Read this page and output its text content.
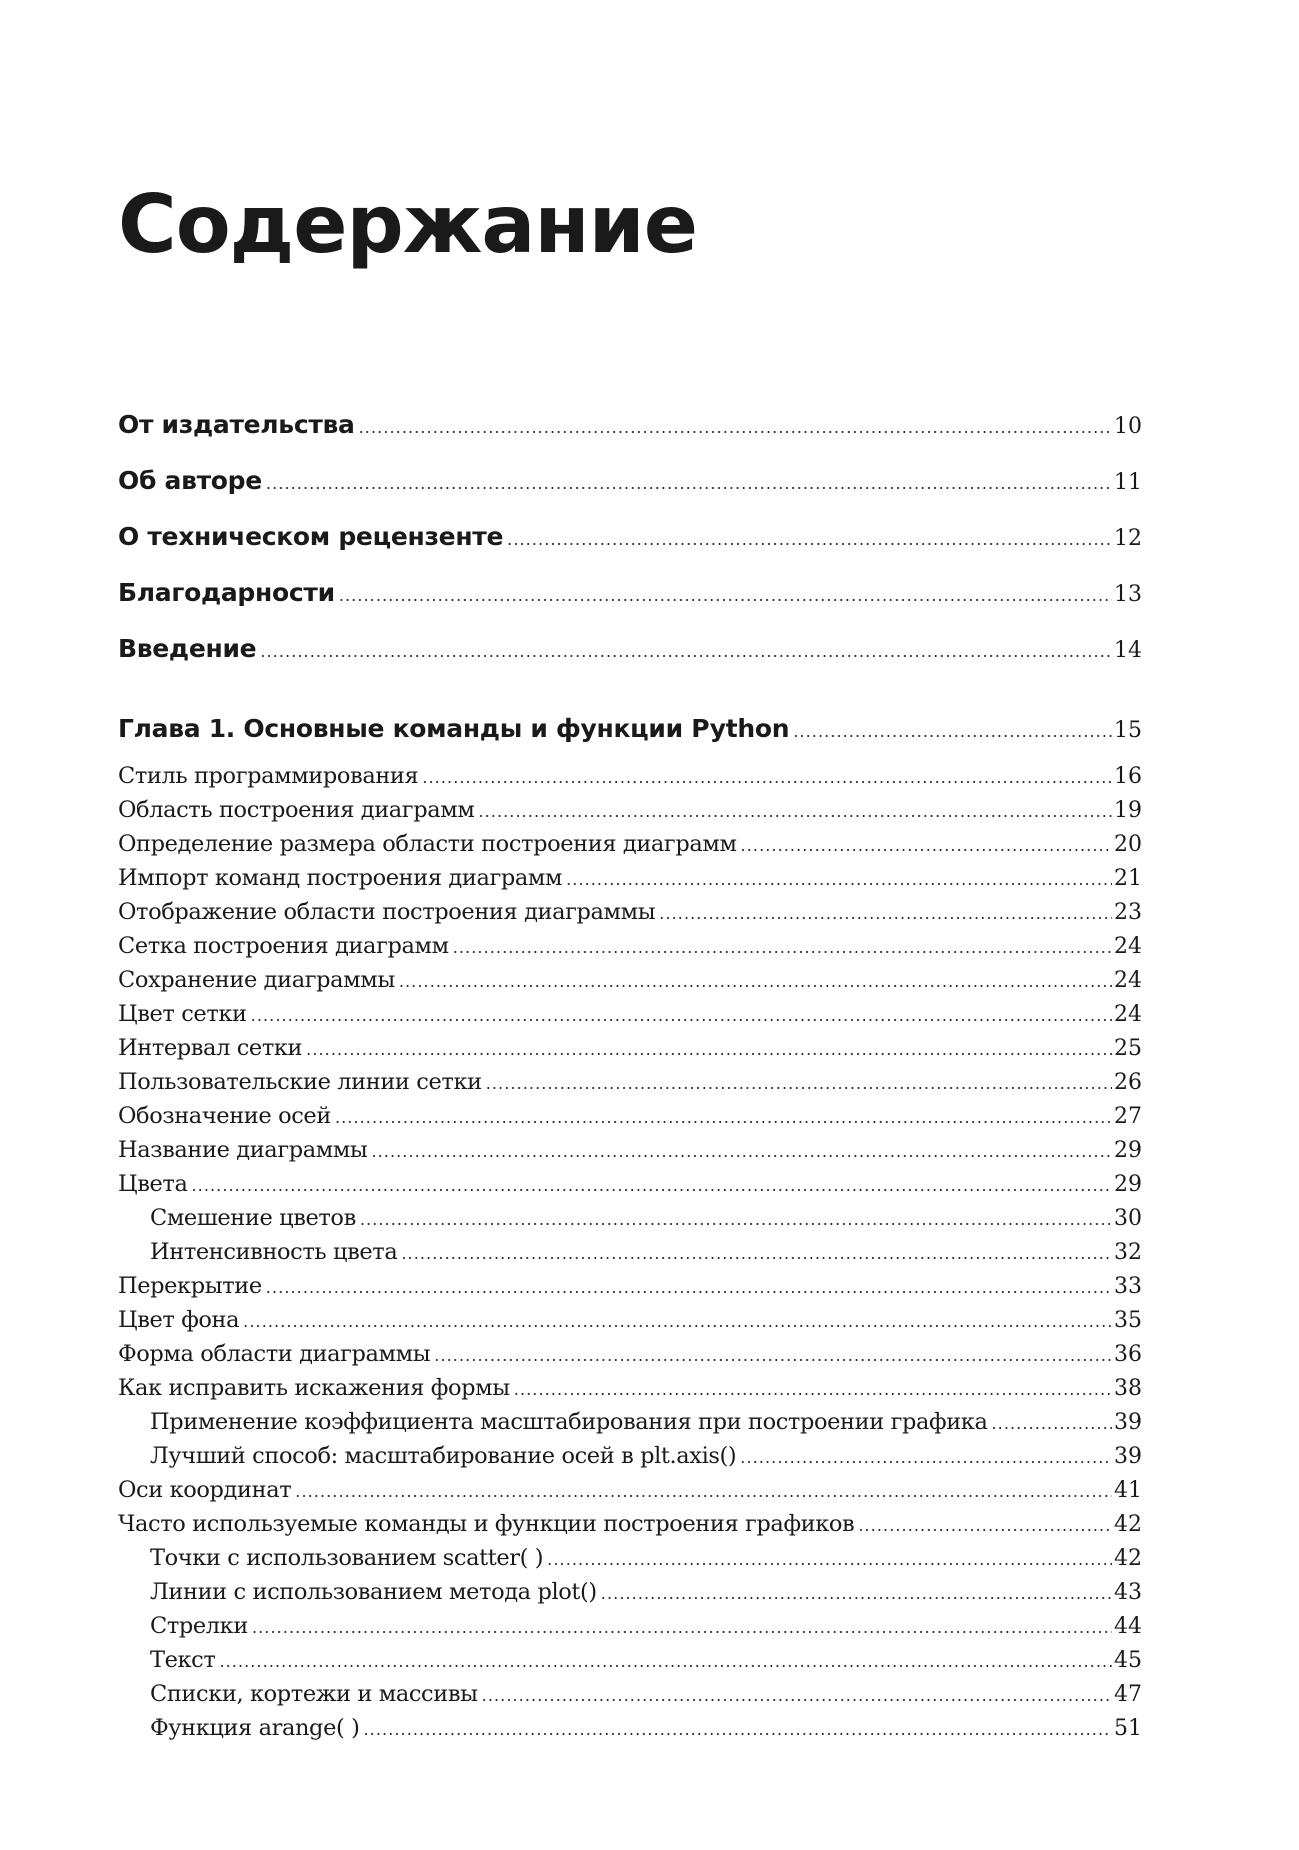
Содержание
От издательства . . .	10
Об авторе . . .	11
О техническом рецензенте . . .	12
Благодарности . . .	13
Введение . . .	14
Глава 1. Основные команды и функции Python . . .	15
Стиль программирования . . .	16
Область построения диаграмм . . .	19
Определение размера области построения диаграмм . . .	20
Импорт команд построения диаграмм . . .	21
Отображение области построения диаграммы . . .	23
Сетка построения диаграмм . . .	24
Сохранение диаграммы . . .	24
Цвет сетки . . .	24
Интервал сетки . . .	25
Пользовательские линии сетки . . .	26
Обозначение осей . . .	27
Название диаграммы . . .	29
Цвета . . .	29
Смешение цветов . . .	30
Интенсивность цвета . . .	32
Перекрытие . . .	33
Цвет фона . . .	35
Форма области диаграммы . . .	36
Как исправить искажения формы . . .	38
Применение коэффициента масштабирования при построении графика . . .	39
Лучший способ: масштабирование осей в plt.axis() . . .	39
Оси координат . . .	41
Часто используемые команды и функции построения графиков . . .	42
Точки с использованием scatter( ) . . .	42
Линии с использованием метода plot() . . .	43
Стрелки . . .	44
Текст . . .	45
Списки, кортежи и массивы . . .	47
Функция arange( ) . . .	51
